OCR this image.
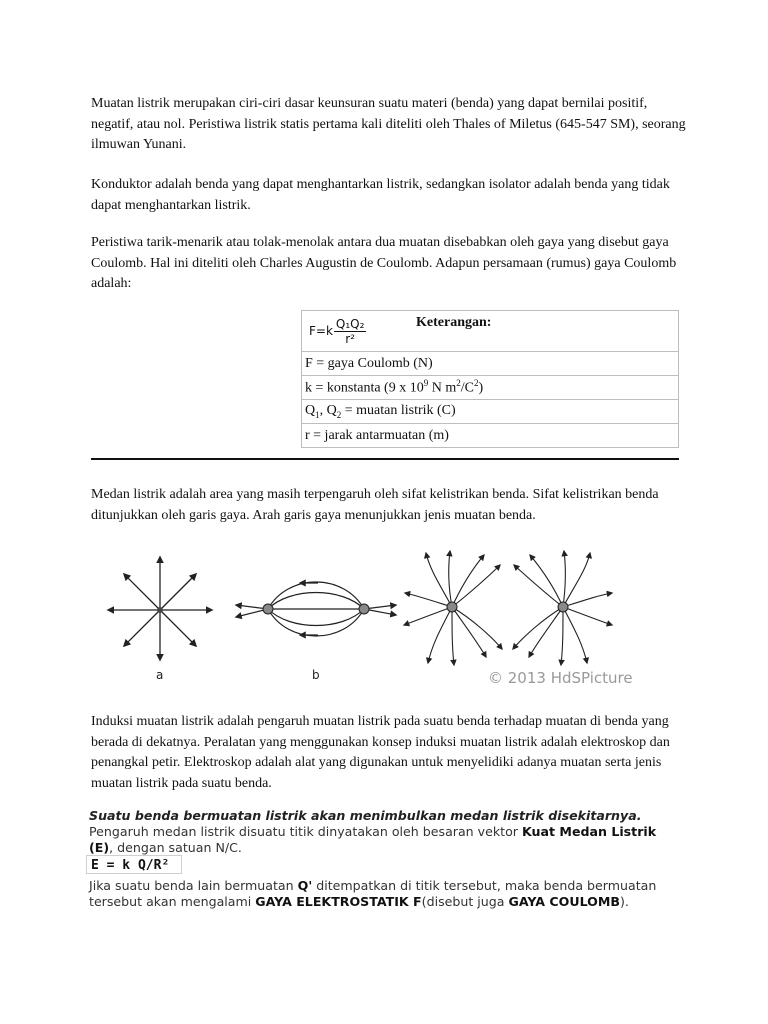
Muatan listrik merupakan ciri-ciri dasar keunsuran suatu materi (benda) yang dapat bernilai positif, negatif, atau nol. Peristiwa listrik statis pertama kali diteliti oleh Thales of Miletus (645-547 SM), seorang ilmuwan Yunani.

Konduktor adalah benda yang dapat menghantarkan listrik, sedangkan isolator adalah benda yang tidak dapat menghantarkan listrik.

Peristiwa tarik-menarik atau tolak-menolak antara dua muatan disebabkan oleh gaya yang disebut gaya Coulomb. Hal ini diteliti oleh Charles Augustin de Coulomb. Adapun persamaan (rumus) gaya Coulomb adalah:

$F=k \frac{\text{Q₁Q₂}}{\text{r²}}$	Keterangan:

F = gaya Coulomb (N)
k = konstanta (9 x $10^9$ N $m^2/C^2$)
$Q_1$, $Q_2 = muatan$ listrik (C)
r = jarak antarmuatan (m)

Medan listrik adalah area yang masih terpengaruh oleh sifat kelistrikan benda. Sifat kelistrikan benda ditunjukkan oleh garis gaya. Arah garis gaya menunjukkan jenis muatan benda.

a	b	© 2013 HdSPicture

Induksi muatan listrik adalah pengaruh muatan listrik pada suatu benda terhadap muatan di benda yang berada di dekatnya. Peralatan yang menggunakan konsep induksi muatan listrik adalah elektroskop dan penangkal petir. Elektroskop adalah alat yang digunakan untuk menyelidiki adanya muatan serta jenis muatan listrik pada suatu benda.

Suatu benda bermuatan listrik akan menimbulkan medan listrik disekitarnya. Pengaruh medan listrik disuatu titik dinyatakan oleh besaran vektor Kuat Medan Listrik (E), dengan satuan N/C.

E = k Q/R²

Jika suatu benda lain bermuatan Q' ditempatkan di titik tersebut, maka benda bermuatan tersebut akan mengalami GAYA ELEKTROSTATIK F(disebut juga GAYA COULOMB).
